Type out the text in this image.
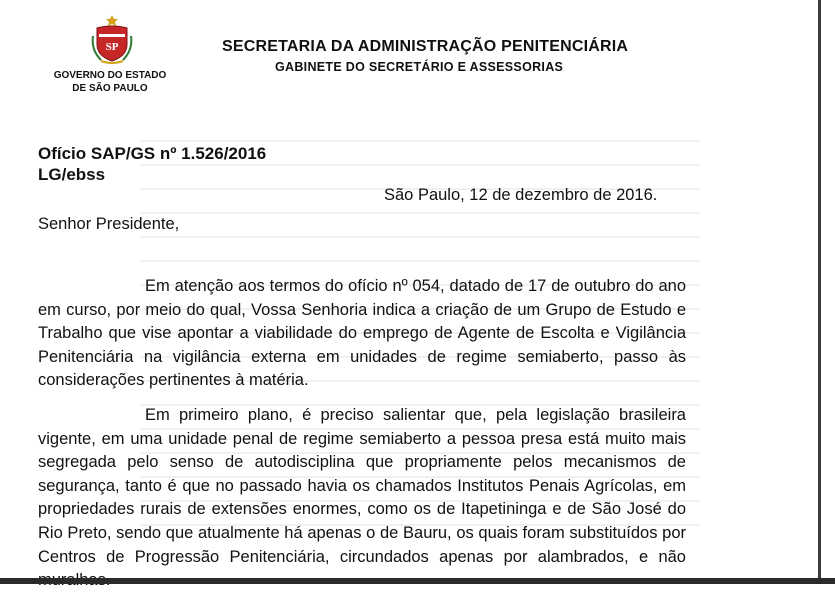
SP
GOVERNO DO ESTADO
DE SÃO PAULO
SECRETARIA DA ADMINISTRAÇÃO PENITENCIÁRIA
GABINETE DO SECRETÁRIO E ASSESSORIAS
Ofício SAP/GS nº 1.526/2016
LG/ebss
São Paulo, 12 de dezembro de 2016.
Senhor Presidente,

Em atenção aos termos do ofício nº 054, datado de 17 de outubro do ano em curso, por meio do qual, Vossa Senhoria indica a criação de um Grupo de Estudo e Trabalho que vise apontar a viabilidade do emprego de Agente de Escolta e Vigilância Penitenciária na vigilância externa em unidades de regime semiaberto, passo às considerações pertinentes à matéria.

Em primeiro plano, é preciso salientar que, pela legislação brasileira vigente, em uma unidade penal de regime semiaberto a pessoa presa está muito mais segregada pelo senso de autodisciplina que propriamente pelos mecanismos de segurança, tanto é que no passado havia os chamados Institutos Penais Agrícolas, em propriedades rurais de extensões enormes, como os de Itapetininga e de São José do Rio Preto, sendo que atualmente há apenas o de Bauru, os quais foram substituídos por Centros de Progressão Penitenciária, circundados apenas por alambrados, e não
